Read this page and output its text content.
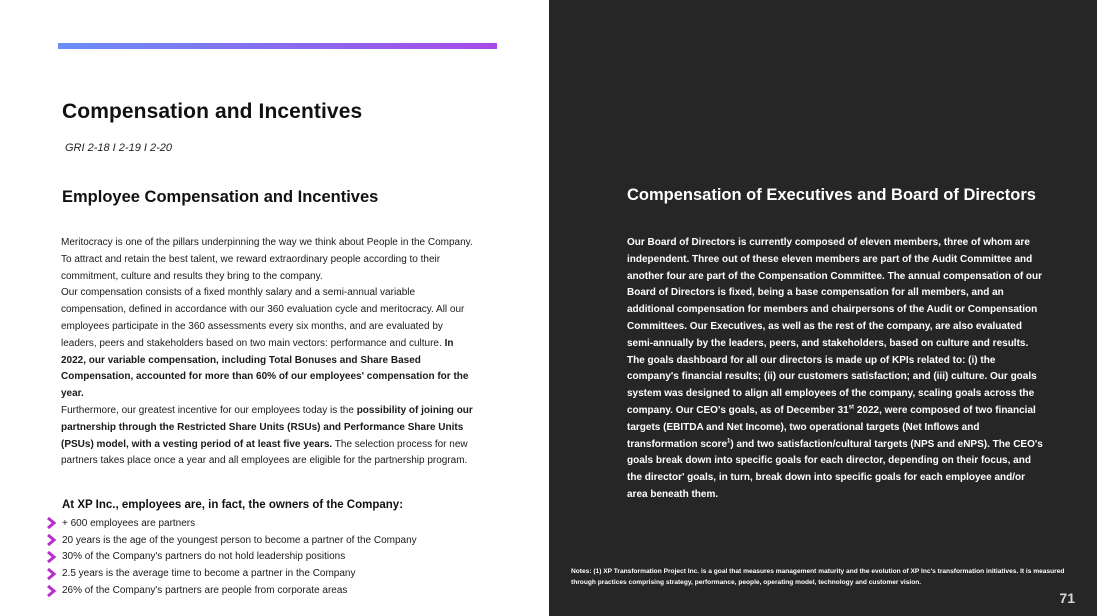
Compensation and Incentives
GRI 2-18 I 2-19 I 2-20
Employee Compensation and Incentives

Meritocracy is one of the pillars underpinning the way we think about People in the Company. To attract and retain the best talent, we reward extraordinary people according to their commitment, culture and results they bring to the company.

Our compensation consists of a fixed monthly salary and a semi-annual variable compensation, defined in accordance with our 360 evaluation cycle and meritocracy. All our employees participate in the 360 assessments every six months, and are evaluated by leaders, peers and stakeholders based on two main vectors: performance and culture. In 2022, our variable compensation, including Total Bonuses and Share Based Compensation, accounted for more than 60% of our employees' compensation for the year.

Furthermore, our greatest incentive for our employees today is the possibility of joining our partnership through the Restricted Share Units (RSUs) and Performance Share Units (PSUs) model, with a vesting period of at least five years. The selection process for new partners takes place once a year and all employees are eligible for the partnership program.

At XP Inc., employees are, in fact, the owners of the Company:
+ 600 employees are partners
20 years is the age of the youngest person to become a partner of the Company
30% of the Company's partners do not hold leadership positions
2.5 years is the average time to become a partner in the Company
26% of the Company's partners are people from corporate areas
Compensation of Executives and Board of Directors

Our Board of Directors is currently composed of eleven members, three of whom are independent. Three out of these eleven members are part of the Audit Committee and another four are part of the Compensation Committee. The annual compensation of our Board of Directors is fixed, being a base compensation for all members, and an additional compensation for members and chairpersons of the Audit or Compensation Committees. Our Executives, as well as the rest of the company, are also evaluated semi-annually by the leaders, peers, and stakeholders, based on culture and results.

The goals dashboard for all our directors is made up of KPIs related to: (i) the company's financial results; (ii) our customers satisfaction; and (iii) culture. Our goals system was designed to align all employees of the company, scaling goals across the company. Our CEO's goals, as of December 31st 2022, were composed of two financial targets (EBITDA and Net Income), two operational targets (Net Inflows and transformation score$^1$) and two satisfaction/cultural targets (NPS and eNPS). The CEO's goals break down into specific goals for each director, depending on their focus, and the director' goals, in turn, break down into specific goals for each employee and/or area beneath them.

Notes: (1) XP Transformation Project Inc. is a goal that measures management maturity and the evolution of XP Inc's transformation initiatives. It is measured through practices comprising strategy, performance, people, operating model, technology and customer vision.
71
